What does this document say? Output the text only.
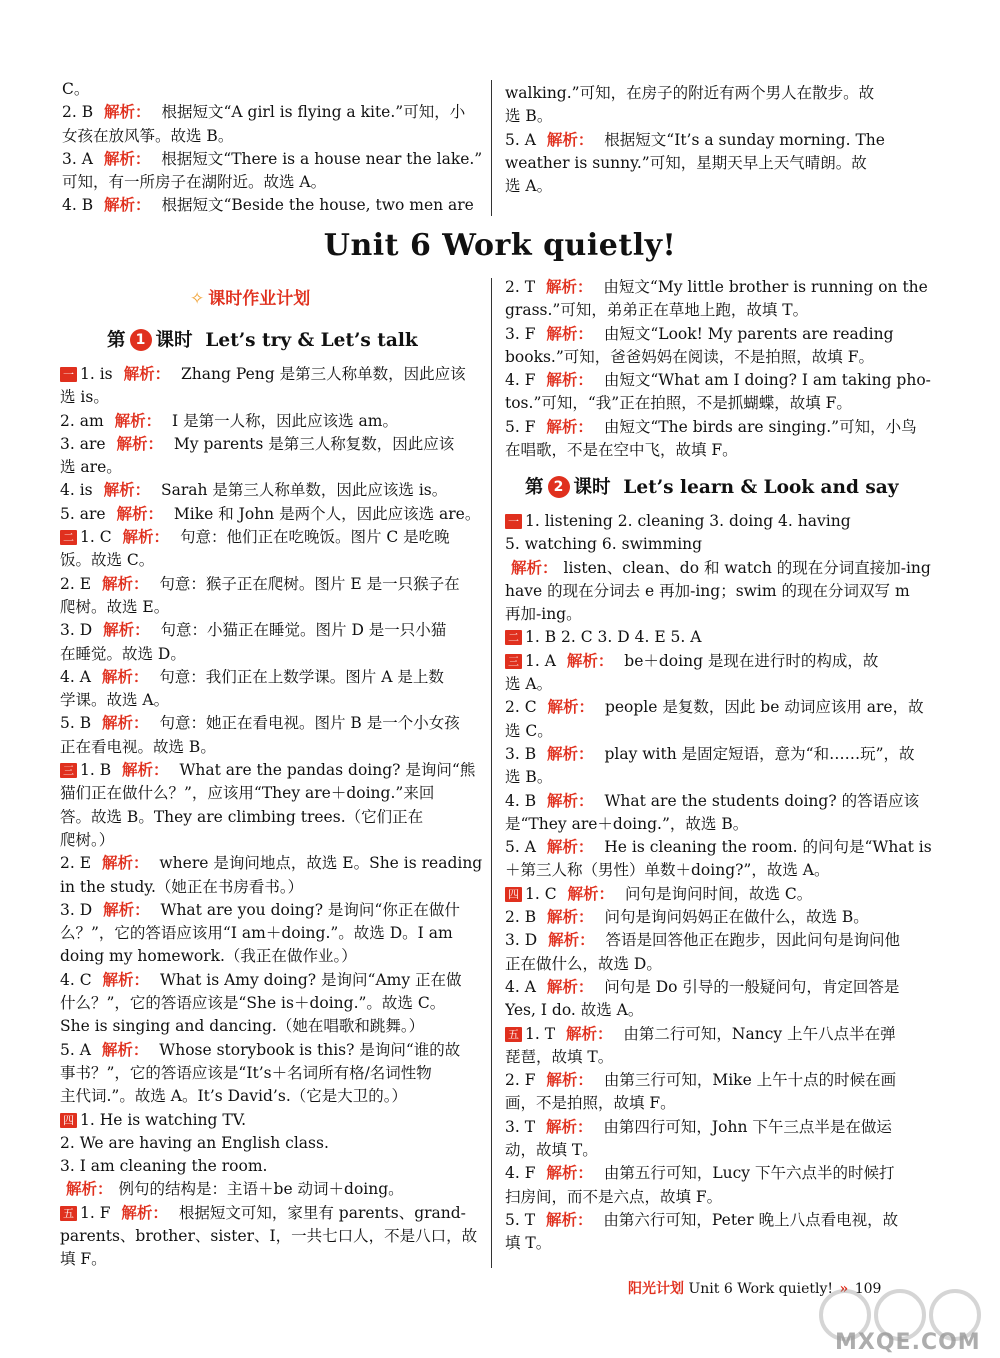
C。
2. B 解析： 根据短文“A girl is flying a kite.”可知，小
女孩在放风筝。故选 B。
3. A 解析： 根据短文“There is a house near the lake.”
可知，有一所房子在湖附近。故选 A。
4. B 解析： 根据短文“Beside the house, two men are
walking.”可知，在房子的附近有两个男人在散步。故
选 B。
5. A 解析： 根据短文“It’s a sunday morning. The
weather is sunny.”可知，星期天早上天气晴朗。故
选 A。
Unit 6 Work quietly!
✧ 课时作业计划
第 1 课时 Let’s try & Let’s talk
一 1. is 解析： Zhang Peng 是第三人称单数，因此应该
选 is。
2. am 解析： I 是第一人称，因此应该选 am。
3. are 解析： My parents 是第三人称复数，因此应该
选 are。
4. is 解析： Sarah 是第三人称单数，因此应该选 is。
5. are 解析： Mike 和 John 是两个人，因此应该选 are。
二 1. C 解析： 句意：他们正在吃晚饭。图片 C 是吃晚
饭。故选 C。
2. E 解析： 句意：猴子正在爬树。图片 E 是一只猴子在
爬树。故选 E。
3. D 解析： 句意：小猫正在睡觉。图片 D 是一只小猫
在睡觉。故选 D。
4. A 解析： 句意：我们正在上数学课。图片 A 是上数
学课。故选 A。
5. B 解析： 句意：她正在看电视。图片 B 是一个小女孩
正在看电视。故选 B。
三 1. B 解析： What are the pandas doing? 是询问“熊
猫们正在做什么？”，应该用“They are＋doing.”来回
答。故选 B。They are climbing trees.（它们正在
爬树。）
2. E 解析： where 是询问地点，故选 E。She is reading
in the study.（她正在书房看书。）
3. D 解析： What are you doing? 是询问“你正在做什
么？”，它的答语应该用“I am＋doing.”。故选 D。I am
doing my homework.（我正在做作业。）
4. C 解析： What is Amy doing? 是询问“Amy 正在做
什么？”，它的答语应该是“She is＋doing.”。故选 C。
She is singing and dancing.（她在唱歌和跳舞。）
5. A 解析： Whose storybook is this? 是询问“谁的故
事书？”，它的答语应该是“It’s＋名词所有格/名词性物
主代词.”。故选 A。It’s David’s.（它是大卫的。）
四 1. He is watching TV.
2. We are having an English class.
3. I am cleaning the room.
解析： 例句的结构是：主语＋be 动词＋doing。
五 1. F 解析： 根据短文可知，家里有 parents、grand-
parents、brother、sister、I，一共七口人，不是八口，故
填 F。
2. T 解析： 由短文“My little brother is running on the
grass.”可知，弟弟正在草地上跑，故填 T。
3. F 解析： 由短文“Look! My parents are reading
books.”可知，爸爸妈妈在阅读，不是拍照，故填 F。
4. F 解析： 由短文“What am I doing? I am taking pho-
tos.”可知，“我”正在拍照，不是抓蝴蝶，故填 F。
5. F 解析： 由短文“The birds are singing.”可知，小鸟
在唱歌，不是在空中飞，故填 F。
第 2 课时 Let’s learn & Look and say
一 1. listening 2. cleaning 3. doing 4. having
5. watching 6. swimming
解析： listen、clean、do 和 watch 的现在分词直接加-ing
have 的现在分词去 e 再加-ing；swim 的现在分词双写 m
再加-ing。
二 1. B 2. C 3. D 4. E 5. A
三 1. A 解析： be＋doing 是现在进行时的构成，故
选 A。
2. C 解析： people 是复数，因此 be 动词应该用 are，故
选 C。
3. B 解析： play with 是固定短语，意为“和……玩”，故
选 B。
4. B 解析： What are the students doing? 的答语应该
是“They are＋doing.”，故选 B。
5. A 解析： He is cleaning the room. 的问句是“What is
＋第三人称（男性）单数＋doing?”，故选 A。
四 1. C 解析： 问句是询问时间，故选 C。
2. B 解析： 问句是询问妈妈正在做什么，故选 B。
3. D 解析： 答语是回答他正在跑步，因此问句是询问他
正在做什么，故选 D。
4. A 解析： 问句是 Do 引导的一般疑问句，肯定回答是
Yes, I do. 故选 A。
五 1. T 解析： 由第二行可知，Nancy 上午八点半在弹
琵琶，故填 T。
2. F 解析： 由第三行可知，Mike 上午十点的时候在画
画，不是拍照，故填 F。
3. T 解析： 由第四行可知，John 下午三点半是在做运
动，故填 T。
4. F 解析： 由第五行可知，Lucy 下午六点半的时候打
扫房间，而不是六点，故填 F。
5. T 解析： 由第六行可知，Peter 晚上八点看电视，故
填 T。
阳光计划 Unit 6 Work quietly! » 109
MXQE.COM
